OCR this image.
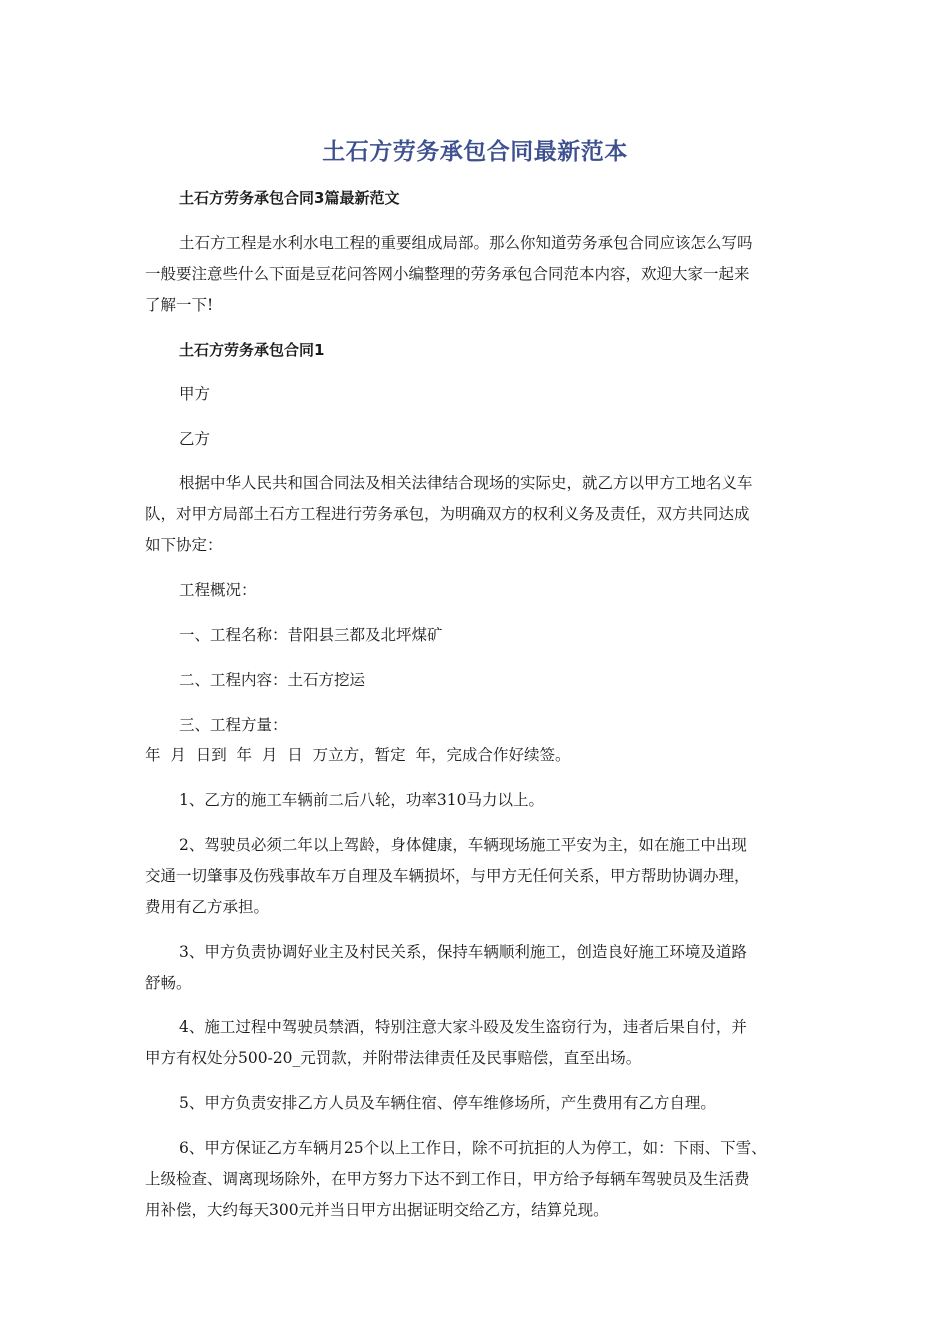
土石方劳务承包合同最新范本
土石方劳务承包合同3篇最新范文
土石方工程是水利水电工程的重要组成局部。那么你知道劳务承包合同应该怎么写吗
一般要注意些什么下面是豆花问答网小编整理的劳务承包合同范本内容，欢迎大家一起来
了解一下!
土石方劳务承包合同1
甲方
乙方
根据中华人民共和国合同法及相关法律结合现场的实际史，就乙方以甲方工地名义车
队，对甲方局部土石方工程进行劳务承包，为明确双方的权利义务及责任，双方共同达成
如下协定：
工程概况：
一、工程名称：昔阳县三都及北坪煤矿
二、工程内容：土石方挖运
三、工程方量：
年  月  日到  年  月  日  万立方，暂定  年，完成合作好续签。
1、乙方的施工车辆前二后八轮，功率310马力以上。
2、驾驶员必须二年以上驾龄，身体健康，车辆现场施工平安为主，如在施工中出现
交通一切肇事及伤残事故车万自理及车辆损坏，与甲方无任何关系，甲方帮助协调办理，
费用有乙方承担。
3、甲方负责协调好业主及村民关系，保持车辆顺利施工，创造良好施工环境及道路
舒畅。
4、施工过程中驾驶员禁酒，特别注意大家斗殴及发生盗窃行为，违者后果自付，并
甲方有权处分500-20_元罚款，并附带法律责任及民事赔偿，直至出场。
5、甲方负责安排乙方人员及车辆住宿、停车维修场所，产生费用有乙方自理。
6、甲方保证乙方车辆月25个以上工作日，除不可抗拒的人为停工，如：下雨、下雪、
上级检查、调离现场除外，在甲方努力下达不到工作日，甲方给予每辆车驾驶员及生活费
用补偿，大约每天300元并当日甲方出据证明交给乙方，结算兑现。
